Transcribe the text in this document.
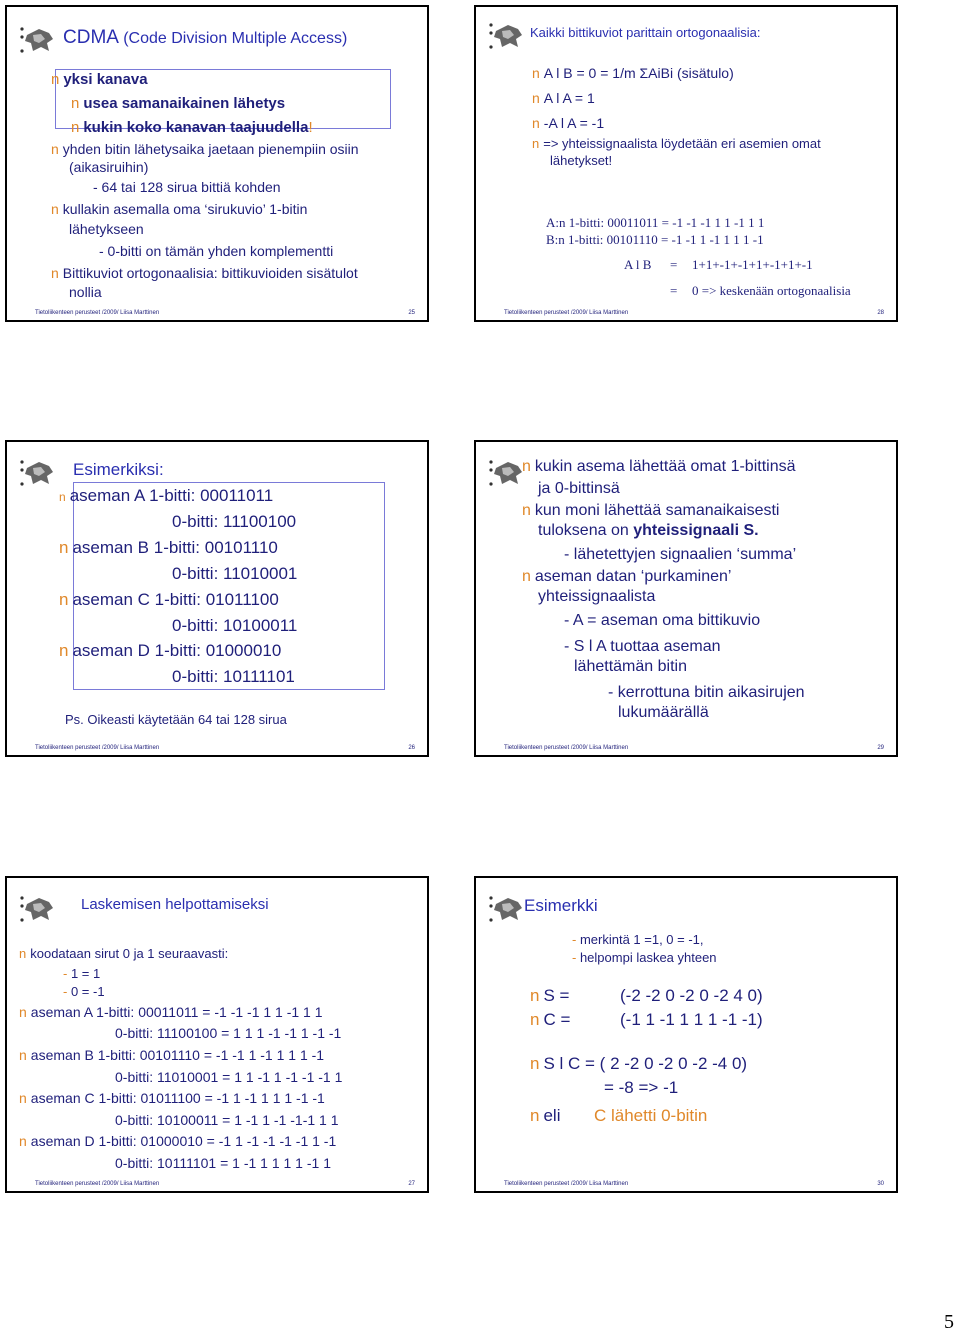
CDMA (Code Division Multiple Access)
n yksi kanava
n usea samanaikainen lähetys
n kukin koko kanavan taajuudella!
n yhden bitin lähetysaika jaetaan pienempiin osiin
(aikasiruihin)
- 64 tai 128 sirua bittiä kohden
n kullakin asemalla oma ‘sirukuvio’ 1-bitin
lähetykseen
- 0-bitti on tämän yhden komplementti
n Bittikuviot ortogonaalisia: bittikuvioiden sisätulot
nollia
Tietoliikenteen perusteet /2009/ Liisa Marttinen	25
Kaikki bittikuviot parittain ortogonaalisia:
n A l B = 0 = 1/m ΣAiBi (sisätulo)
n A l A = 1
n -A l A = -1
n => yhteissignaalista löydetään eri asemien omat
lähetykset!
A:n 1-bitti: 00011011 = -1 -1 -1 1 1 -1 1 1
B:n 1-bitti: 00101110 = -1 -1 1 -1 1 1 1 -1
A l B = 1+1+-1+-1+1+-1+1+-1
= 0 => keskenään ortogonaalisia
Tietoliikenteen perusteet /2009/ Liisa Marttinen	28
Esimerkiksi:
n aseman A 1-bitti: 00011011
0-bitti: 11100100
n aseman B 1-bitti: 00101110
0-bitti: 11010001
n aseman C 1-bitti: 01011100
0-bitti: 10100011
n aseman D 1-bitti: 01000010
0-bitti: 10111101
Ps. Oikeasti käytetään 64 tai 128 sirua
Tietoliikenteen perusteet /2009/ Liisa Marttinen	26
n kukin asema lähettää omat 1-bittinsä
ja 0-bittinsä
n kun moni lähettää samanaikaisesti
tuloksena on yhteissignaali S.
- lähetettyjen signaalien ‘summa’
n aseman datan ‘purkaminen’
yhteissignaalista
- A = aseman oma bittikuvio
- S l A tuottaa aseman
lähettämän bitin
- kerrottuna bitin aikasirujen
lukumäärällä
Tietoliikenteen perusteet /2009/ Liisa Marttinen	29
Laskemisen helpottamiseksi
n koodataan sirut 0 ja 1 seuraavasti:
- 1 = 1
- 0 = -1
n aseman A 1-bitti: 00011011 = -1 -1 -1 1 1 -1 1 1
0-bitti: 11100100 = 1 1 1 -1 -1 1 -1 -1
n aseman B 1-bitti: 00101110 = -1 -1 1 -1 1 1 1 -1
0-bitti: 11010001 = 1 1 -1 1 -1 -1 -1 1
n aseman C 1-bitti: 01011100 = -1 1 -1 1 1 1 -1 -1
0-bitti: 10100011 = 1 -1 1 -1 -1-1 1 1
n aseman D 1-bitti: 01000010 = -1 1 -1 -1 -1 -1 1 -1
0-bitti: 10111101 = 1 -1 1 1 1 1 -1 1
Tietoliikenteen perusteet /2009/ Liisa Marttinen	27
Esimerkki
- merkintä 1 =1, 0 = -1,
- helpompi laskea yhteen
n S =	(-2 -2 0 -2 0 -2 4 0)
n C =	(-1 1 -1 1 1 1 -1 -1)
n S l C = ( 2 -2 0 -2 0 -2 -4 0)
= -8 => -1
n eli C lähetti 0-bitin
Tietoliikenteen perusteet /2009/ Liisa Marttinen	30
5
